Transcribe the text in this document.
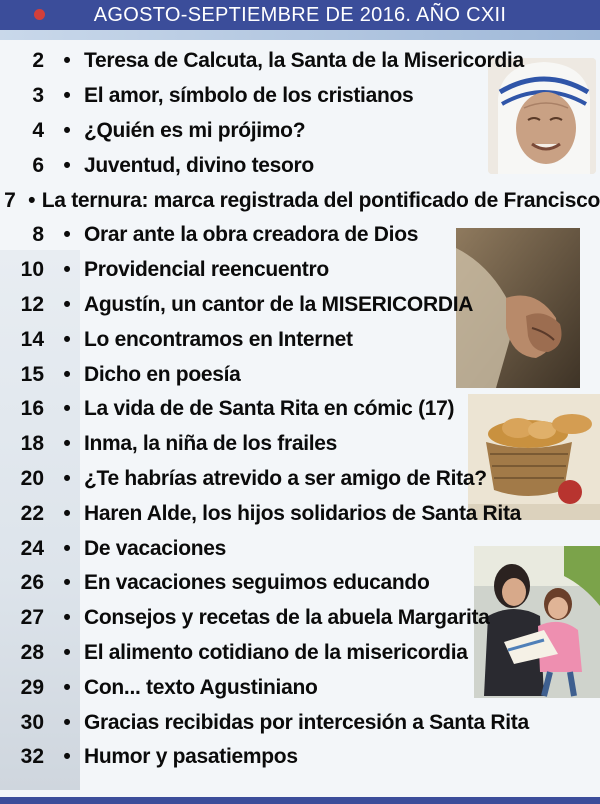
AGOSTO-SEPTIEMBRE DE 2016. AÑO CXII
2 • Teresa de Calcuta, la Santa de la Misericordia
3 • El amor, símbolo de los cristianos
4 • ¿Quién es mi prójimo?
6 • Juventud, divino tesoro
7 • La ternura: marca registrada del pontificado de Francisco
8 • Orar ante la obra creadora de Dios
10 • Providencial reencuentro
12 • Agustín, un cantor de la MISERICORDIA
14 • Lo encontramos en Internet
15 • Dicho en poesía
16 • La vida de de Santa Rita en cómic (17)
18 • Inma, la niña de los frailes
20 • ¿Te habrías atrevido a ser amigo de Rita?
22 • Haren Alde, los hijos solidarios de Santa Rita
24 • De vacaciones
26 • En vacaciones seguimos educando
27 • Consejos y recetas de la abuela Margarita
28 • El alimento cotidiano de la misericordia
29 • Con... texto Agustiniano
30 • Gracias recibidas por intercesión a Santa Rita
32 • Humor y pasatiempos
